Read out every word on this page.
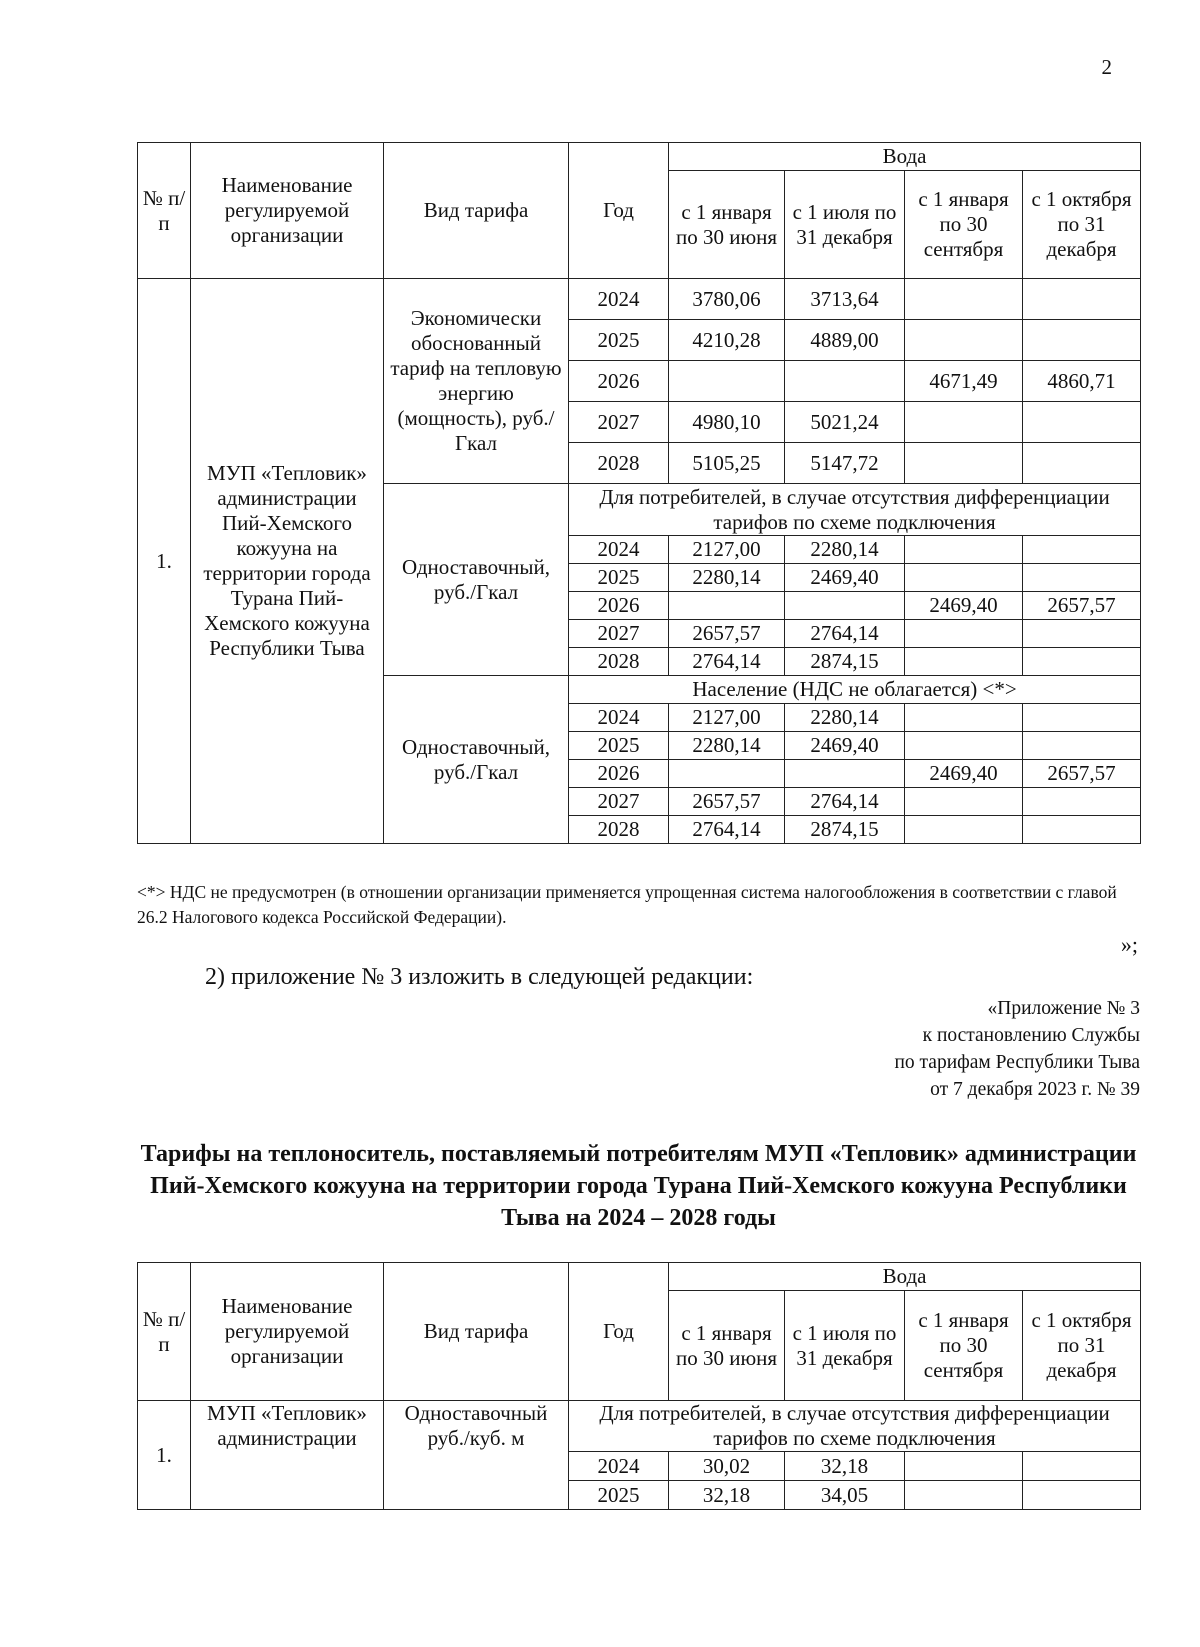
2
№ п/п	Наименование регулируемой организации	Вид тарифа	Год	Вода			
				с 1 января по 30 июня	с 1 июля по 31 декабря	с 1 января по 30 сентября	с 1 октября по 31 декабря
1.	МУП «Тепловик» администрации Пий-Хемского кожууна на территории города Турана Пий-Хемского кожууна Республики Тыва	Экономически обоснованный тариф на тепловую энергию (мощность), руб./Гкал	2024	3780,06	3713,64		
			2025	4210,28	4889,00		
			2026			4671,49	4860,71
			2027	4980,10	5021,24		
			2028	5105,25	5147,72		
		Одноставочный, руб./Гкал	Для потребителей, в случае отсутствия дифференциации тарифов по схеме подключения				
			2024	2127,00	2280,14		
			2025	2280,14	2469,40		
			2026			2469,40	2657,57
			2027	2657,57	2764,14		
			2028	2764,14	2874,15		
		Одноставочный, руб./Гкал	Население (НДС не облагается) <*>				
			2024	2127,00	2280,14		
			2025	2280,14	2469,40		
			2026			2469,40	2657,57
			2027	2657,57	2764,14		
			2028	2764,14	2874,15		
<*> НДС не предусмотрен (в отношении организации применяется упрощенная система налогообложения в соответствии с главой 26.2 Налогового кодекса Российской Федерации).
»;
2) приложение № 3 изложить в следующей редакции:
«Приложение № 3
к постановлению Службы
по тарифам Республики Тыва
от 7 декабря 2023 г. № 39
Тарифы на теплоноситель, поставляемый потребителям МУП «Тепловик» администрации Пий-Хемского кожууна на территории города Турана Пий-Хемского кожууна Республики Тыва на 2024 – 2028 годы
№ п/п	Наименование регулируемой организации	Вид тарифа	Год	Вода			
				с 1 января по 30 июня	с 1 июля по 31 декабря	с 1 января по 30 сентября	с 1 октября по 31 декабря
1.	МУП «Тепловик» администрации	Одноставочный руб./куб. м	Для потребителей, в случае отсутствия дифференциации тарифов по схеме подключения				
			2024	30,02	32,18		
			2025	32,18	34,05		
